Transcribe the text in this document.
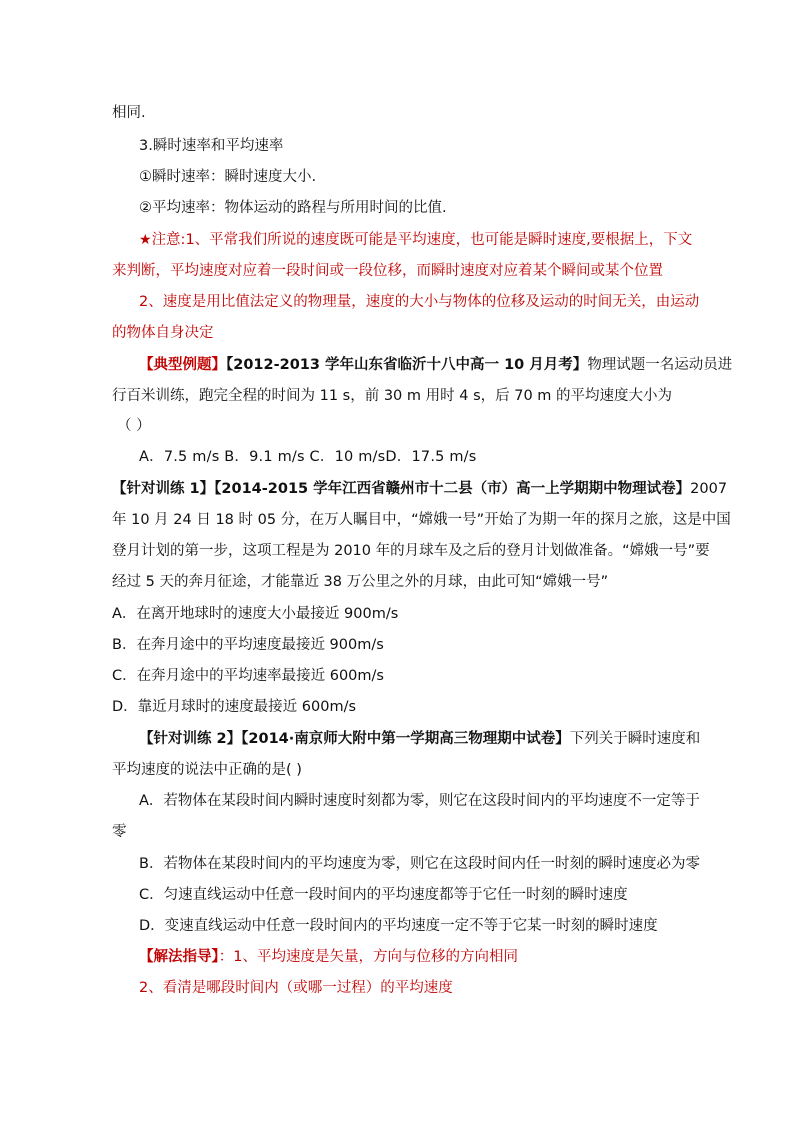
相同.
3.瞬时速率和平均速率
①瞬时速率：瞬时速度大小.
②平均速率：物体运动的路程与所用时间的比值.
★注意:1、平常我们所说的速度既可能是平均速度，也可能是瞬时速度,要根据上，下文
来判断，平均速度对应着一段时间或一段位移，而瞬时速度对应着某个瞬间或某个位置
2、速度是用比值法定义的物理量，速度的大小与物体的位移及运动的时间无关，由运动
的物体自身决定
【典型例题】【2012-2013 学年山东省临沂十八中高一 10 月月考】物理试题一名运动员进
行百米训练，跑完全程的时间为 11 s，前 30 m 用时 4 s，后 70 m 的平均速度大小为
（ ）
A．7.5 m/s B．9.1 m/s C．10 m/sD．17.5 m/s
【针对训练 1】【2014-2015 学年江西省赣州市十二县（市）高一上学期期中物理试卷】2007
年 10 月 24 日 18 时 05 分，在万人瞩目中，“嫦娥一号”开始了为期一年的探月之旅，这是中国
登月计划的第一步，这项工程是为 2010 年的月球车及之后的登月计划做准备。“嫦娥一号”要
经过 5 天的奔月征途，才能靠近 38 万公里之外的月球，由此可知“嫦娥一号”
A．在离开地球时的速度大小最接近 900m/s
B．在奔月途中的平均速度最接近 900m/s
C．在奔月途中的平均速率最接近 600m/s
D．靠近月球时的速度最接近 600m/s
【针对训练 2】【2014·南京师大附中第一学期高三物理期中试卷】下列关于瞬时速度和
平均速度的说法中正确的是( )
A．若物体在某段时间内瞬时速度时刻都为零，则它在这段时间内的平均速度不一定等于
零
B．若物体在某段时间内的平均速度为零，则它在这段时间内任一时刻的瞬时速度必为零
C．匀速直线运动中任意一段时间内的平均速度都等于它任一时刻的瞬时速度
D．变速直线运动中任意一段时间内的平均速度一定不等于它某一时刻的瞬时速度
【解法指导】：1、平均速度是矢量，方向与位移的方向相同
2、看清是哪段时间内（或哪一过程）的平均速度
